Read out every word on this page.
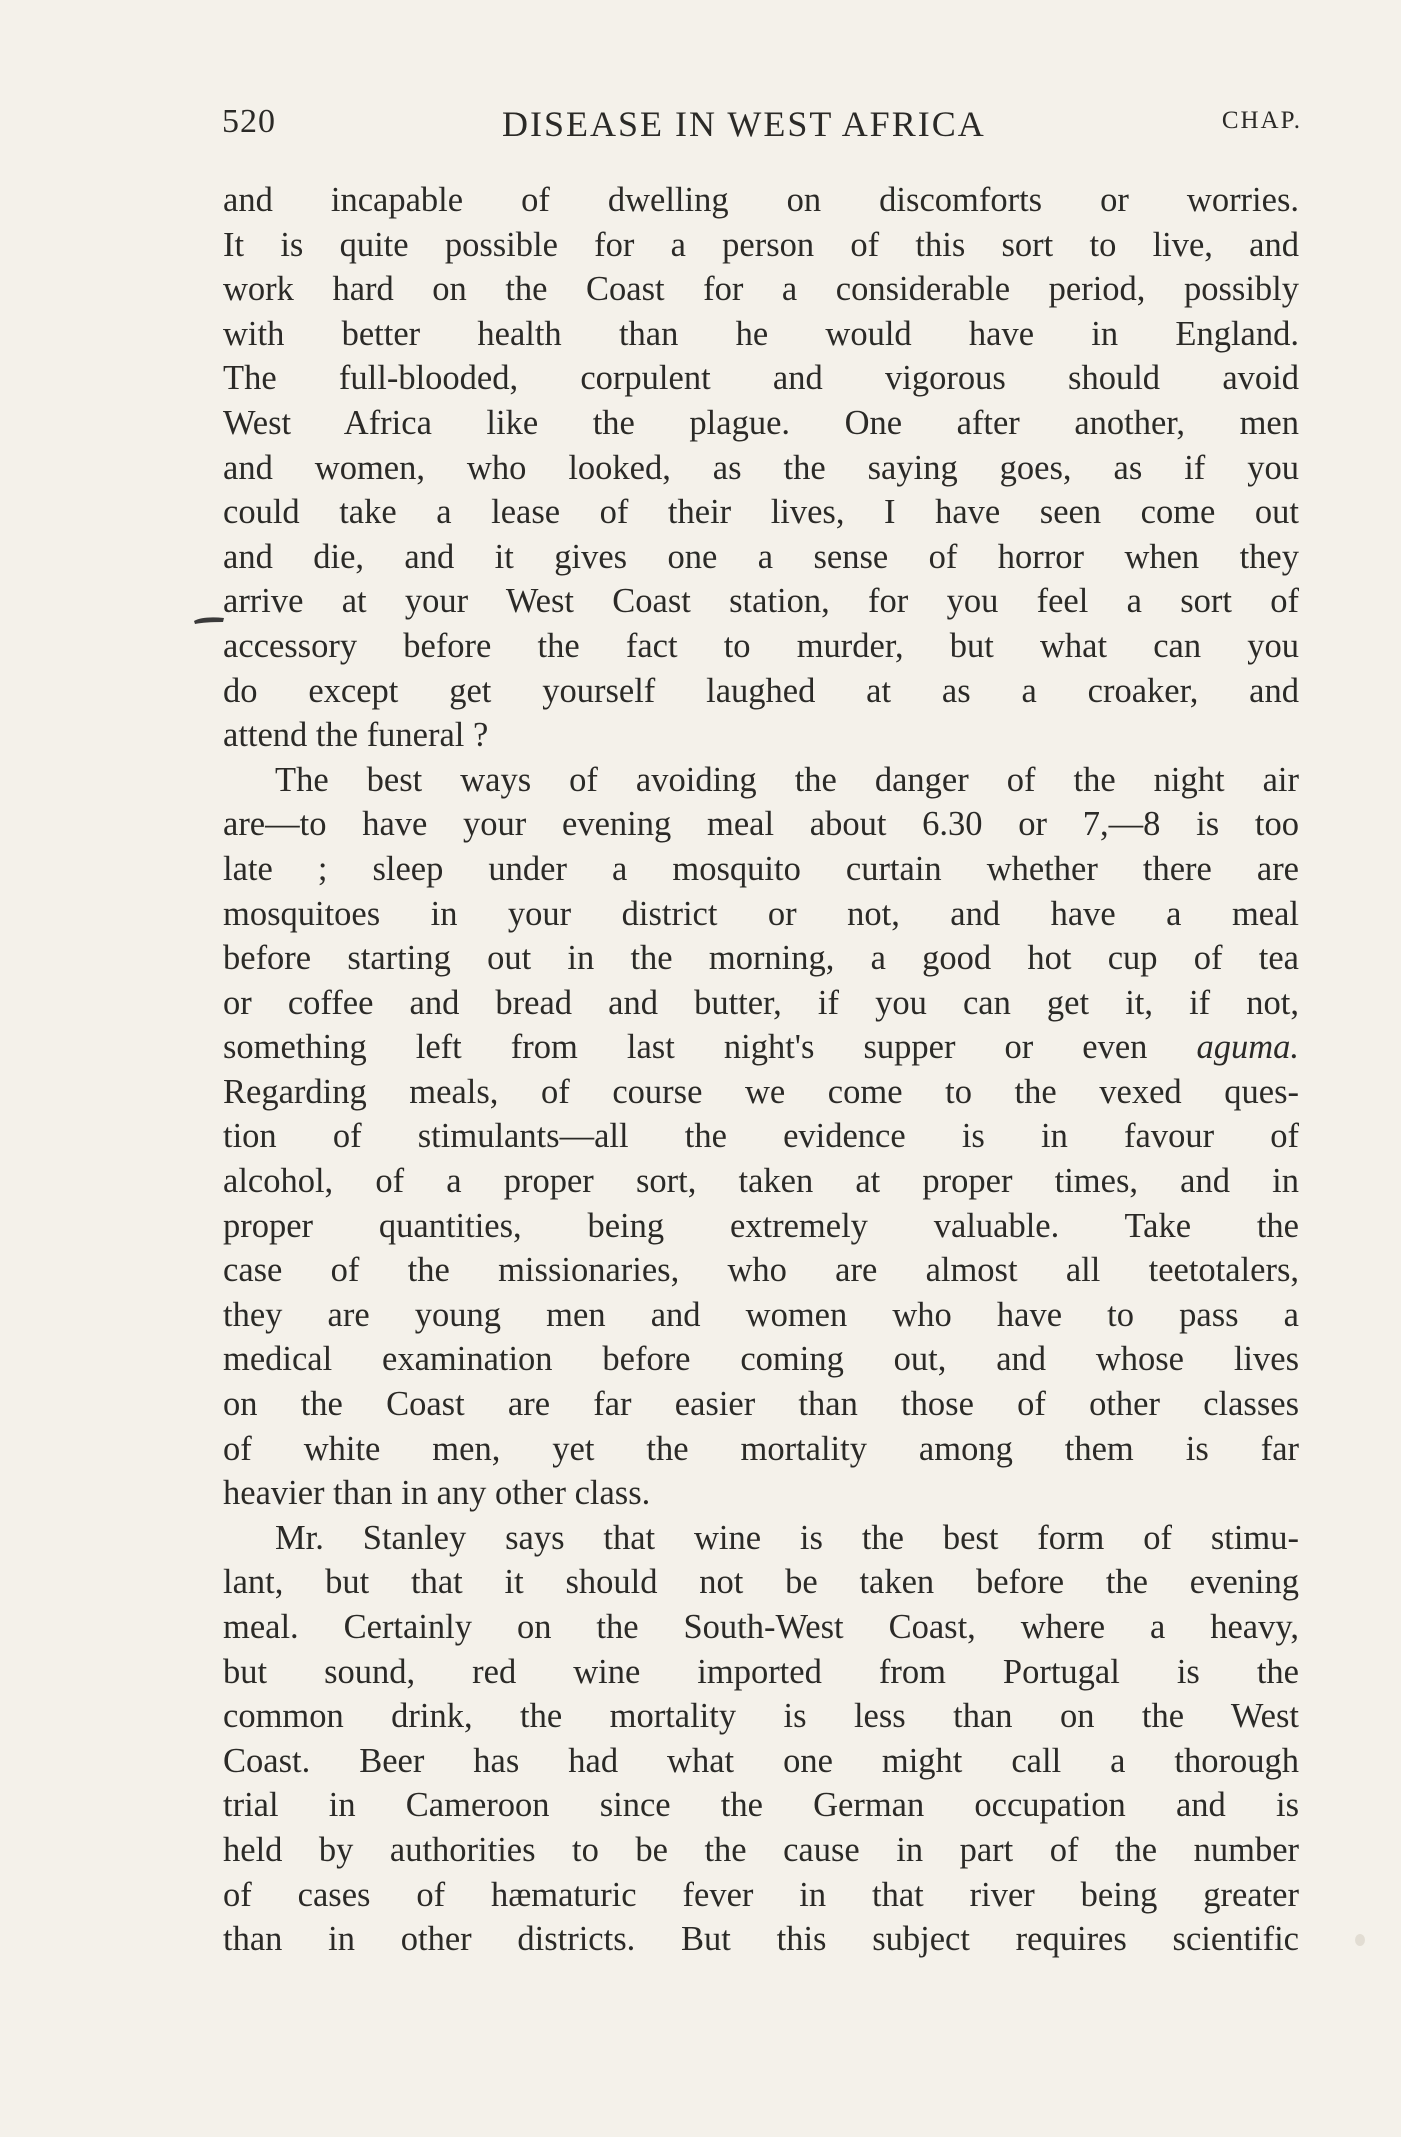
520	DISEASE IN WEST AFRICA	CHAP.
and incapable of dwelling on discomforts or worries.
It is quite possible for a person of this sort to live, and
work hard on the Coast for a considerable period, possibly
with better health than he would have in England.
The full-blooded, corpulent and vigorous should avoid
West Africa like the plague. One after another, men
and women, who looked, as the saying goes, as if you
could take a lease of their lives, I have seen come out
and die, and it gives one a sense of horror when they
arrive at your West Coast station, for you feel a sort of
accessory before the fact to murder, but what can you
do except get yourself laughed at as a croaker, and
attend the funeral ?
The best ways of avoiding the danger of the night air
are—to have your evening meal about 6.30 or 7,—8 is too
late ; sleep under a mosquito curtain whether there are
mosquitoes in your district or not, and have a meal
before starting out in the morning, a good hot cup of tea
or coffee and bread and butter, if you can get it, if not,
something left from last night's supper or even aguma.
Regarding meals, of course we come to the vexed ques-
tion of stimulants—all the evidence is in favour of
alcohol, of a proper sort, taken at proper times, and in
proper quantities, being extremely valuable. Take the
case of the missionaries, who are almost all teetotalers,
they are young men and women who have to pass a
medical examination before coming out, and whose lives
on the Coast are far easier than those of other classes
of white men, yet the mortality among them is far
heavier than in any other class.
Mr. Stanley says that wine is the best form of stimu-
lant, but that it should not be taken before the evening
meal. Certainly on the South-West Coast, where a heavy,
but sound, red wine imported from Portugal is the
common drink, the mortality is less than on the West
Coast. Beer has had what one might call a thorough
trial in Cameroon since the German occupation and is
held by authorities to be the cause in part of the number
of cases of hæmaturic fever in that river being greater
than in other districts. But this subject requires scientific
